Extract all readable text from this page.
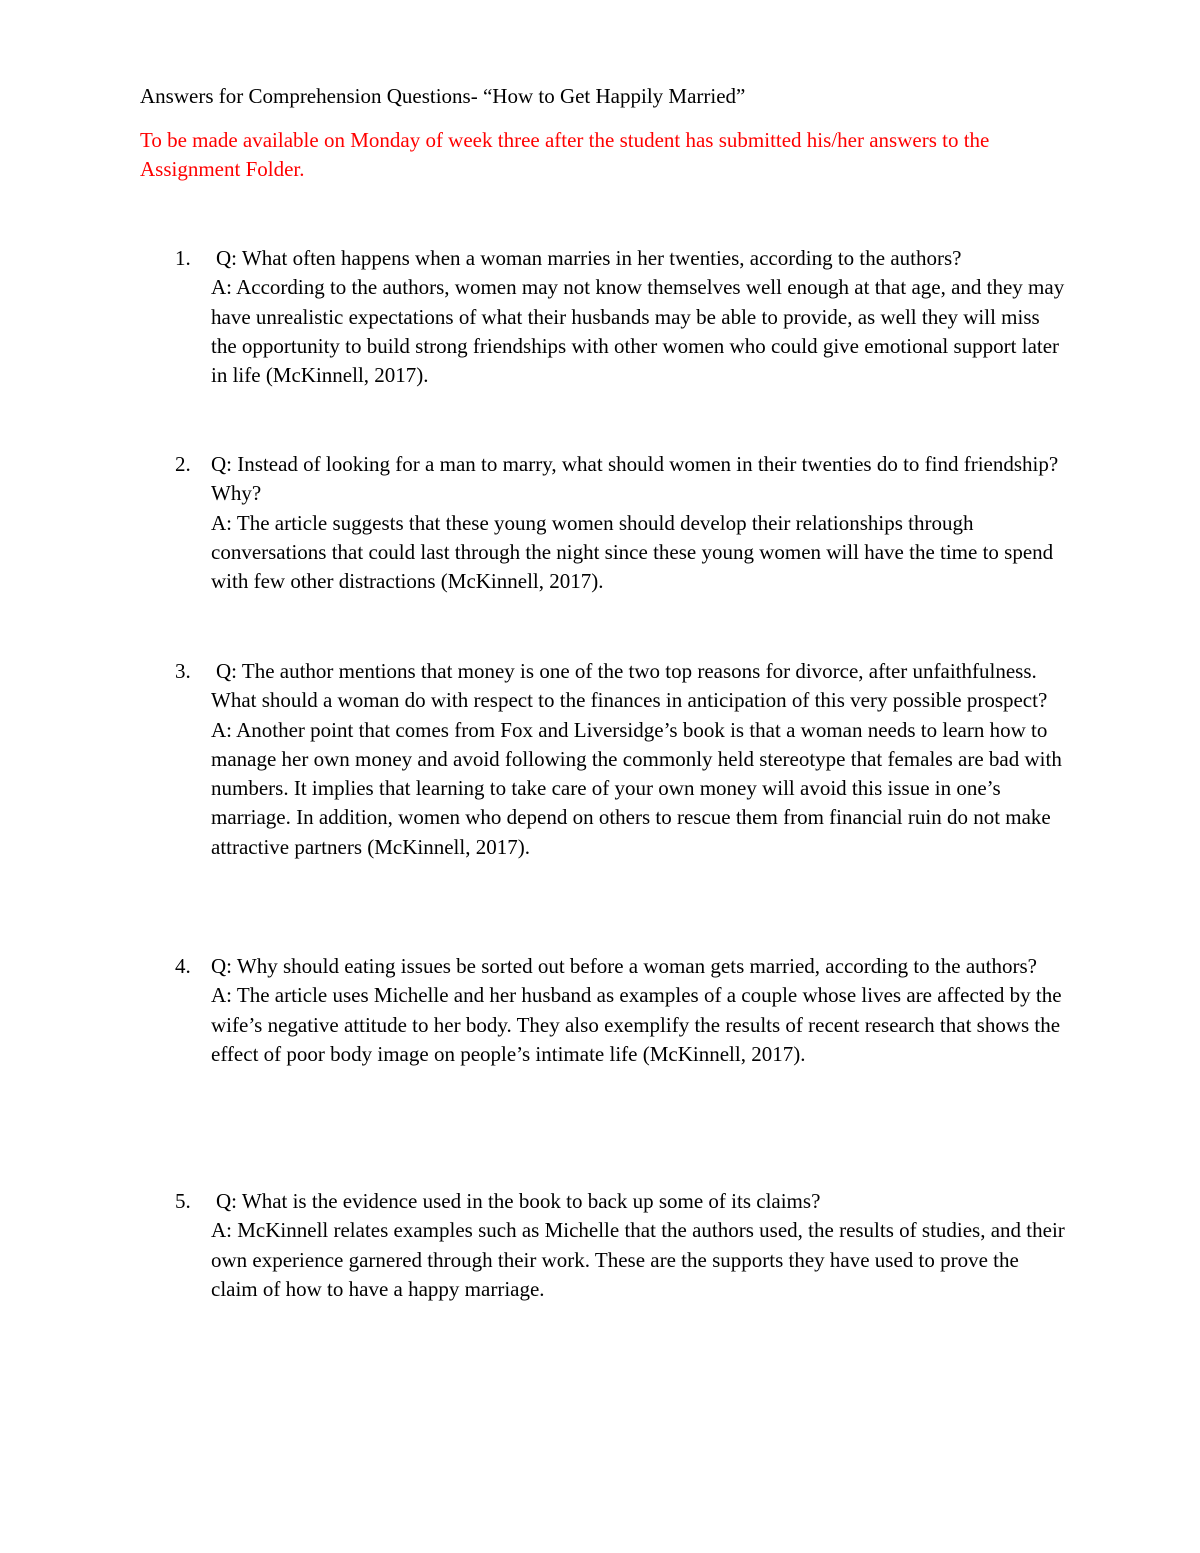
Answers for Comprehension Questions- “How to Get Happily Married”
To be made available on Monday of week three after the student has submitted his/her answers to the Assignment Folder.
1. Q: What often happens when a woman marries in her twenties, according to the authors?
A: According to the authors, women may not know themselves well enough at that age, and they may have unrealistic expectations of what their husbands may be able to provide, as well they will miss the opportunity to build strong friendships with other women who could give emotional support later in life (McKinnell, 2017).
2. Q: Instead of looking for a man to marry, what should women in their twenties do to find friendship? Why?
A: The article suggests that these young women should develop their relationships through conversations that could last through the night since these young women will have the time to spend with few other distractions (McKinnell, 2017).
3. Q: The author mentions that money is one of the two top reasons for divorce, after unfaithfulness. What should a woman do with respect to the finances in anticipation of this very possible prospect?
A: Another point that comes from Fox and Liversidge’s book is that a woman needs to learn how to manage her own money and avoid following the commonly held stereotype that females are bad with numbers. It implies that learning to take care of your own money will avoid this issue in one’s marriage. In addition, women who depend on others to rescue them from financial ruin do not make attractive partners (McKinnell, 2017).
4. Q: Why should eating issues be sorted out before a woman gets married, according to the authors?
A: The article uses Michelle and her husband as examples of a couple whose lives are affected by the wife’s negative attitude to her body. They also exemplify the results of recent research that shows the effect of poor body image on people’s intimate life (McKinnell, 2017).
5. Q: What is the evidence used in the book to back up some of its claims?
A: McKinnell relates examples such as Michelle that the authors used, the results of studies, and their own experience garnered through their work. These are the supports they have used to prove the claim of how to have a happy marriage.
